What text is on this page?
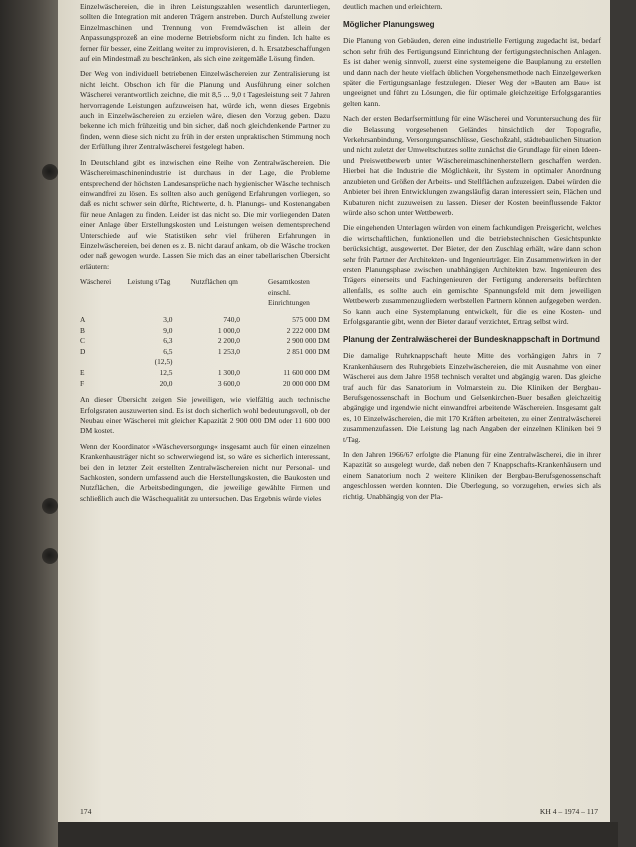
Einzelwäschereien, die in ihren Leistungszahlen wesentlich darunterliegen, sollten die Integration mit anderen Trägern anstreben. Durch Aufstellung zweier Einzelmaschinen und Trennung von Fremdwäschen ist allein der Anpassungsprozeß an eine moderne Betriebsform nicht zu finden. Ich halte es ferner für besser, eine Zeitlang weiter zu improvisieren, d. h. Ersatzbeschaffungen auf ein Mindestmaß zu beschränken, als sich eine zeitgemäße Lösung finden.

Der Weg von individuell betriebenen Einzelwäschereien zur Zentralisierung ist nicht leicht. Obschon ich für die Planung und Ausführung einer solchen Wäscherei verantwortlich zeichne, die mit 8,5 ... 9,0 t Tagesleistung seit 7 Jahren hervorragende Leistungen aufzuweisen hat, würde ich, wenn dieses Ergebnis auch in Einzelwäschereien zu erzielen wäre, diesen den Vorzug geben. Dazu bekenne ich mich frühzeitig und bin sicher, daß noch gleichdenkende Partner zu finden, wenn diese sich nicht zu früh in der ersten unpraktischen Stimmung noch der Erfüllung ihrer Zentralwäscherei festgelegt haben.

In Deutschland gibt es inzwischen eine Reihe von Zentralwäschereien. Die Wäschereimaschinenindustrie ist durchaus in der Lage, die Probleme entsprechend der höchsten Landesansprüche nach hygienischer Wäsche technisch einwandfrei zu lösen. Es sollten also auch genügend Erfahrungen vorliegen, so daß es nicht schwer sein dürfte, Richtwerte, d. h. Planungs- und Kostenangaben für neue Anlagen zu finden. Leider ist das nicht so. Die mir vorliegenden Daten einer Anlage über Erstellungskosten und Leistungen weisen dementsprechend Unterschiede auf wie Statistiken sehr viel früheren Erfahrungen in Einzelwäschereien, bei denen es z. B. nicht darauf ankam, ob die Wäsche trocken oder naß gewogen wurde. Lassen Sie mich das an einer tabellarischen Übersicht erläutern:

Wäscherei	Leistung t/Tag	Nutzflächen qm	Gesamtkosten einschl. Einrichtungen

A	3,0	740,0	575 000 DM
B	9,0	1 000,0	2 222 000 DM
C	6,3	2 200,0	2 900 000 DM
D	6,5	1 253,0	2 851 000 DM
	(12,5)		
E	12,5	1 300,0	11 600 000 DM
F	20,0	3 600,0	20 000 000 DM

An dieser Übersicht zeigen Sie jeweiligen, wie vielfältig auch technische Erfolgsraten auszuwerten sind. Es ist doch sicherlich wohl bedeutungsvoll, ob der Neubau einer Wäscherei mit gleicher Kapazität 2 900 000 DM oder 11 600 000 DM kostet.

Wenn der Koordinator »Wäscheversorgung« insgesamt auch für einen einzelnen Krankenhausträger nicht so schwerwiegend ist, so wäre es sicherlich interessant, bei den in letzter Zeit erstellten Zentralwäschereien nicht nur Personal- und Sachkosten, sondern umfassend auch die Herstellungskosten, die Baukosten und Nutzflächen, die Arbeitsbedingungen, die jeweilige gewählte Firmen und schließlich auch die Wäschequalität zu untersuchen. Das Ergebnis würde vieles

deutlich machen und erleichtern.

Möglicher Planungsweg

Die Planung von Gebäuden, deren eine industrielle Fertigung zugedacht ist, bedarf schon sehr früh des Fertigungsund Einrichtung der fertigungstechnischen Anlagen. Es ist daher wenig sinnvoll, zuerst eine systemeigene die Bauplanung zu erstellen und dann nach der heute vielfach üblichen Vorgehensmethode nach Einzelgewerken später die Fertigungsanlage festzulegen. Dieser Weg der »Bauten am Bau« ist ungeeignet und führt zu Lösungen, die für optimale gleichzeitige Erfolgsgaranties gelten kann.

Nach der ersten Bedarfsermittlung für eine Wäscherei und Voruntersuchung des für die Belassung vorgesehenen Geländes hinsichtlich der Topografie, Verkehrsanbindung, Versorgungsanschlüsse, Geschoßzahl, städtebaulichen Situation und nicht zuletzt der Umweltschutzes sollte zunächst die Grundlage für einen Ideen- und Preiswettbewerb unter Wäschereimaschinenherstellern geschaffen werden. Hierbei hat die Industrie die Möglichkeit, ihr System in optimaler Anordnung anzubieten und Größen der Arbeits- und Stellflächen aufzuzeigen. Dabei würden die Anbieter bei ihren Entwicklungen zwangsläufig daran interessiert sein, Flächen und Kubaturen nicht zuzuweisen zu lassen. Dieser der Kosten beeinflussende Faktor würde also schon unter Wettbewerb.

Die eingehenden Unterlagen würden von einem fachkundigen Preisgericht, welches die wirtschaftlichen, funktionellen und die betriebstechnischen Gesichtspunkte berücksichtigt, ausgewertet. Der Bieter, der den Zuschlag erhält, wäre dann schon sehr früh Partner der Architekten- und Ingenieurträger. Ein Zusammenwirken in der ersten Planungsphase zwischen unabhängigen Architekten bzw. Ingenieuren des Trägers einerseits und Fachingenieuren der Fertigung andererseits befürchten allenfalls, es sollte auch ein gemischte Spannungsfeld mit dem jeweiligen Wettbewerb zusammenzugliedern werbstellen Partnern können aufgegeben werden. So kann auch eine Systemplanung entwickelt, für die es eine Kosten- und Erfolgsgarantie gibt, wenn der Bieter darauf verzichtet, Ertrag selbst wird.

Planung der Zentralwäscherei der Bundesknappschaft in Dortmund

Die damalige Ruhrknappschaft heute Mitte des vorhängigen Jahrs in 7 Krankenhäusern des Ruhrgebiets Einzelwäschereien, die mit Ausnahme von einer Wäscherei aus dem Jahre 1958 technisch veraltet und abgängig waren. Das gleiche traf auch für das Sanatorium in Volmarstein zu. Die Kliniken der Bergbau-Berufsgenossenschaft in Bochum und Gelsenkirchen-Buer besaßen gleichzeitig abgängige und irgendwie nicht einwandfrei arbeitende Wäschereien. Insgesamt galt es, 10 Einzelwäschereien, die mit 170 Kräften arbeiteten, zu einer Zentralwäscherei zusammenzufassen. Die Leistung lag nach Angaben der einzelnen Kliniken bei 9 t/Tag.

In den Jahren 1966/67 erfolgte die Planung für eine Zentralwäscherei, die in ihrer Kapazität so ausgelegt wurde, daß neben den 7 Knappschafts-Krankenhäusern und einem Sanatorium noch 2 weitere Kliniken der Bergbau-Berufsgenossenschaft angeschlossen werden konnten. Die Überlegung, so vorzugehen, erwies sich als richtig. Unabhängig von der Pla-

174	KH 4 – 1974 – 117
